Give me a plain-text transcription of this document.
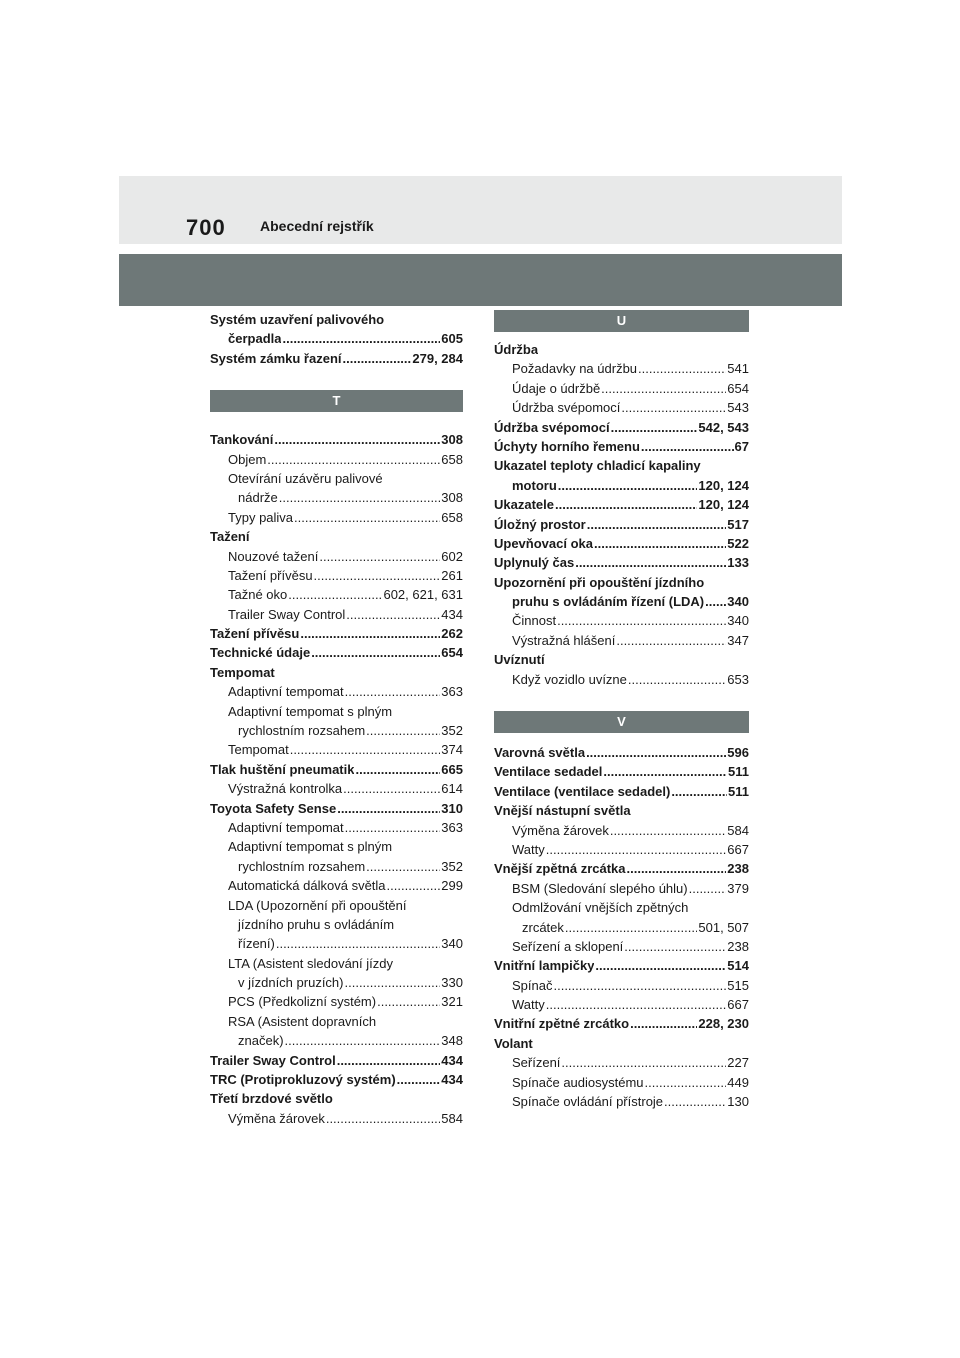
700 Abecední rejstřík
Systém uzavření palivového
čerpadla .....	605
Systém zámku řazení .....	279, 284
T
Tankování .....	308
Objem .....	658
Otevírání uzávěru palivové
nádrže .....	308
Typy paliva .....	658
Tažení
Nouzové tažení .....	602
Tažení přívěsu .....	261
Tažné oko .....	602, 621, 631
Trailer Sway Control .....	434
Tažení přívěsu .....	262
Technické údaje .....	654
Tempomat
Adaptivní tempomat .....	363
Adaptivní tempomat s plným
rychlostním rozsahem .....	352
Tempomat .....	374
Tlak huštění pneumatik .....	665
Výstražná kontrolka .....	614
Toyota Safety Sense .....	310
Adaptivní tempomat .....	363
Adaptivní tempomat s plným
rychlostním rozsahem .....	352
Automatická dálková světla .....	299
LDA (Upozornění při opouštění
jízdního pruhu s ovládáním
řízení) .....	340
LTA (Asistent sledování jízdy
v jízdních pruzích) .....	330
PCS (Předkolizní systém) .....	321
RSA (Asistent dopravních
značek) .....	348
Trailer Sway Control .....	434
TRC (Protiprokluzový systém) .....	434
Třetí brzdové světlo
Výměna žárovek .....	584
U
Údržba
Požadavky na údržbu .....	541
Údaje o údržbě .....	654
Údržba svépomocí .....	543
Údržba svépomocí .....	542, 543
Úchyty horního řemenu .....	67
Ukazatel teploty chladicí kapaliny
motoru .....	120, 124
Ukazatele .....	120, 124
Úložný prostor .....	517
Upevňovací oka .....	522
Uplynulý čas .....	133
Upozornění při opouštění jízdního
pruhu s ovládáním řízení (LDA) ..... 340
Činnost .....	340
Výstražná hlášení .....	347
Uvíznutí
Když vozidlo uvízne .....	653
V
Varovná světla .....	596
Ventilace sedadel .....	511
Ventilace (ventilace sedadel) .....	511
Vnější nástupní světla
Výměna žárovek .....	584
Watty .....	667
Vnější zpětná zrcátka .....	238
BSM (Sledování slepého úhlu) .....	379
Odmlžování vnějších zpětných
zrcátek .....	501, 507
Seřízení a sklopení .....	238
Vnitřní lampičky .....	514
Spínač .....	515
Watty .....	667
Vnitřní zpětné zrcátko .....	228, 230
Volant
Seřízení .....	227
Spínače audiosystému .....	449
Spínače ovládání přístroje .....	130
